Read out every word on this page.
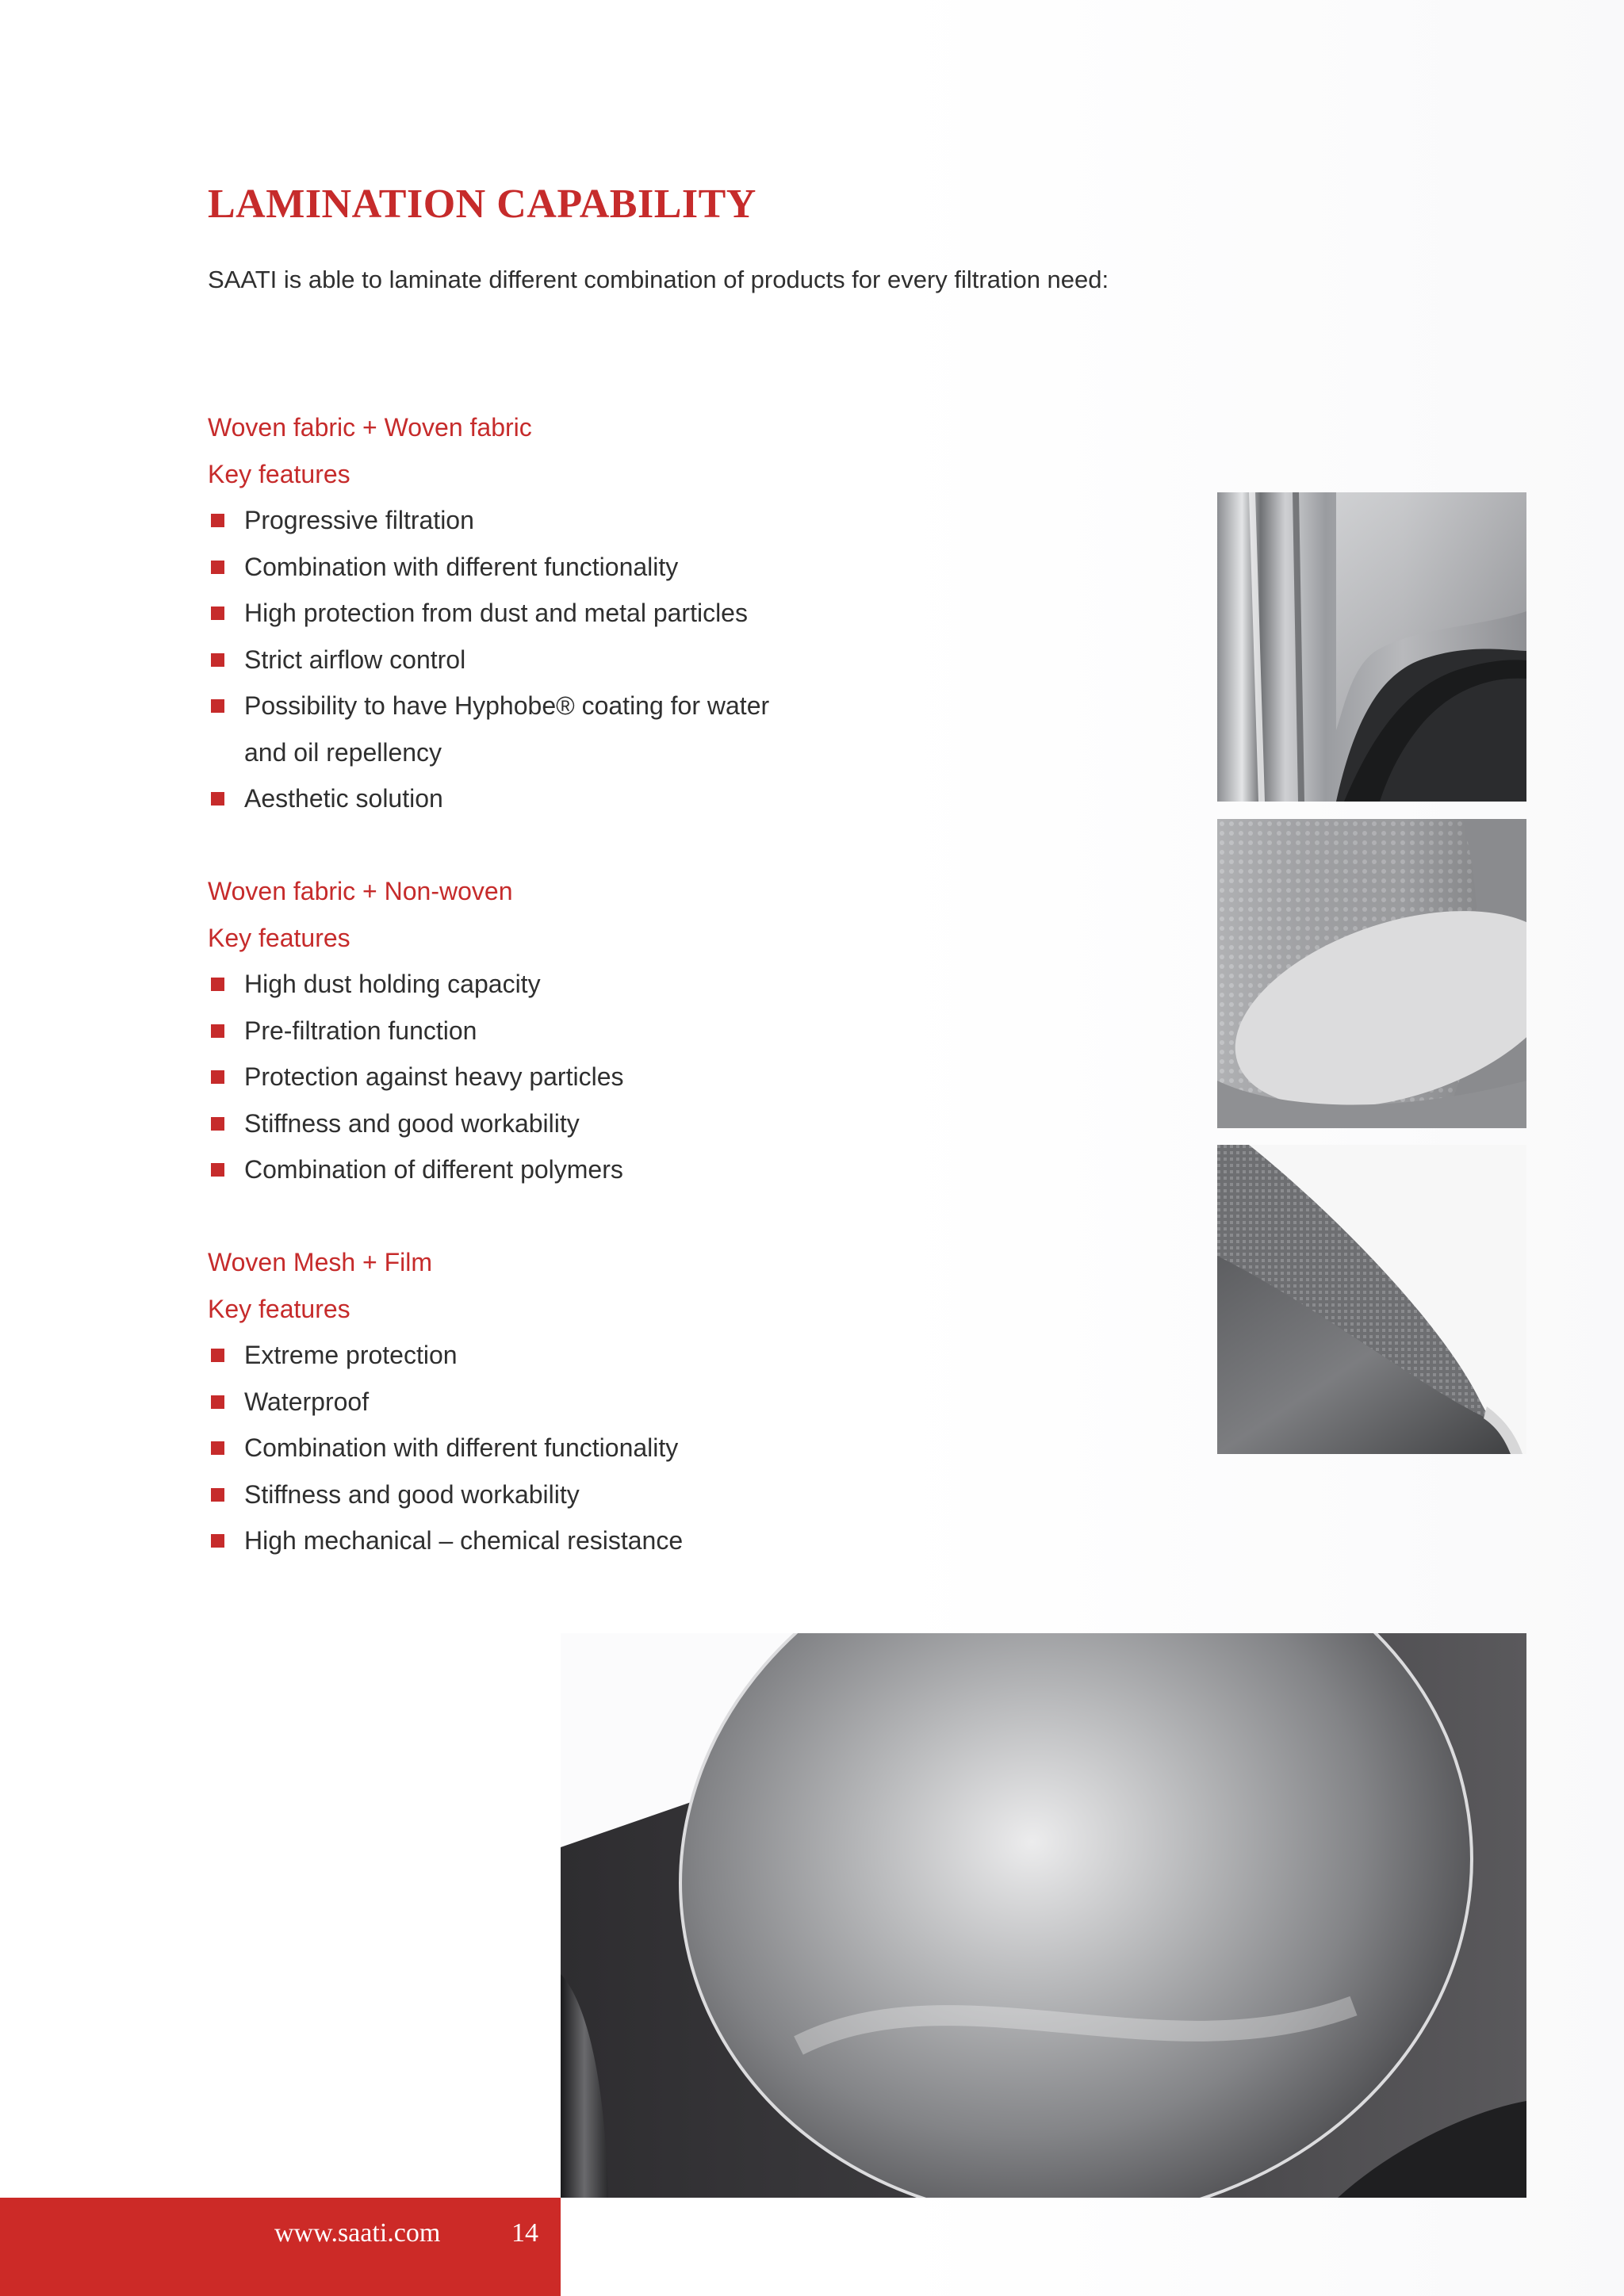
LAMINATION CAPABILITY
SAATI is able to laminate different combination of products for every filtration need:
Woven fabric + Woven fabric
Key features
Progressive filtration
Combination with different functionality
High protection from dust and metal particles
Strict airflow control
Possibility to have Hyphobe® coating for water and oil repellency
Aesthetic solution
Woven fabric + Non-woven
Key features
High dust holding capacity
Pre-filtration function
Protection against heavy particles
Stiffness and good workability
Combination of different polymers
Woven Mesh + Film
Key features
Extreme protection
Waterproof
Combination with different functionality
Stiffness and good workability
High mechanical – chemical resistance
www.saati.com	14
